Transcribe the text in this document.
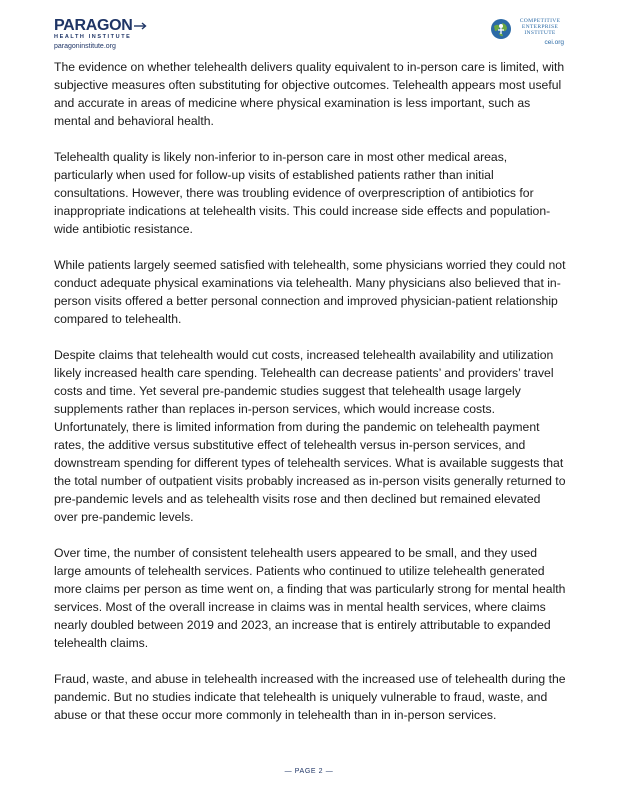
PARAGON
HEALTH INSTITUTE
paragoninstitute.org
COMPETITIVE
ENTERPRISE
INSTITUTE
cei.org

The evidence on whether telehealth delivers quality equivalent to in-person care is limited, with subjective measures often substituting for objective outcomes. Telehealth appears most useful and accurate in areas of medicine where physical examination is less important, such as mental and behavioral health.

Telehealth quality is likely non-inferior to in-person care in most other medical areas, particularly when used for follow-up visits of established patients rather than initial consultations. However, there was troubling evidence of overprescription of antibiotics for inappropriate indications at telehealth visits. This could increase side effects and population-wide antibiotic resistance.

While patients largely seemed satisfied with telehealth, some physicians worried they could not conduct adequate physical examinations via telehealth. Many physicians also believed that in-person visits offered a better personal connection and improved physician-patient relationship compared to telehealth.

Despite claims that telehealth would cut costs, increased telehealth availability and utilization likely increased health care spending. Telehealth can decrease patients’ and providers’ travel costs and time. Yet several pre-pandemic studies suggest that telehealth usage largely supplements rather than replaces in-person services, which would increase costs. Unfortunately, there is limited information from during the pandemic on telehealth payment rates, the additive versus substitutive effect of telehealth versus in-person services, and downstream spending for different types of telehealth services. What is available suggests that the total number of outpatient visits probably increased as in-person visits generally returned to pre-pandemic levels and as telehealth visits rose and then declined but remained elevated over pre-pandemic levels.

Over time, the number of consistent telehealth users appeared to be small, and they used large amounts of telehealth services. Patients who continued to utilize telehealth generated more claims per person as time went on, a finding that was particularly strong for mental health services. Most of the overall increase in claims was in mental health services, where claims nearly doubled between 2019 and 2023, an increase that is entirely attributable to expanded telehealth claims.

Fraud, waste, and abuse in telehealth increased with the increased use of telehealth during the pandemic. But no studies indicate that telehealth is uniquely vulnerable to fraud, waste, and abuse or that these occur more commonly in telehealth than in in-person services.

— PAGE 2 —
